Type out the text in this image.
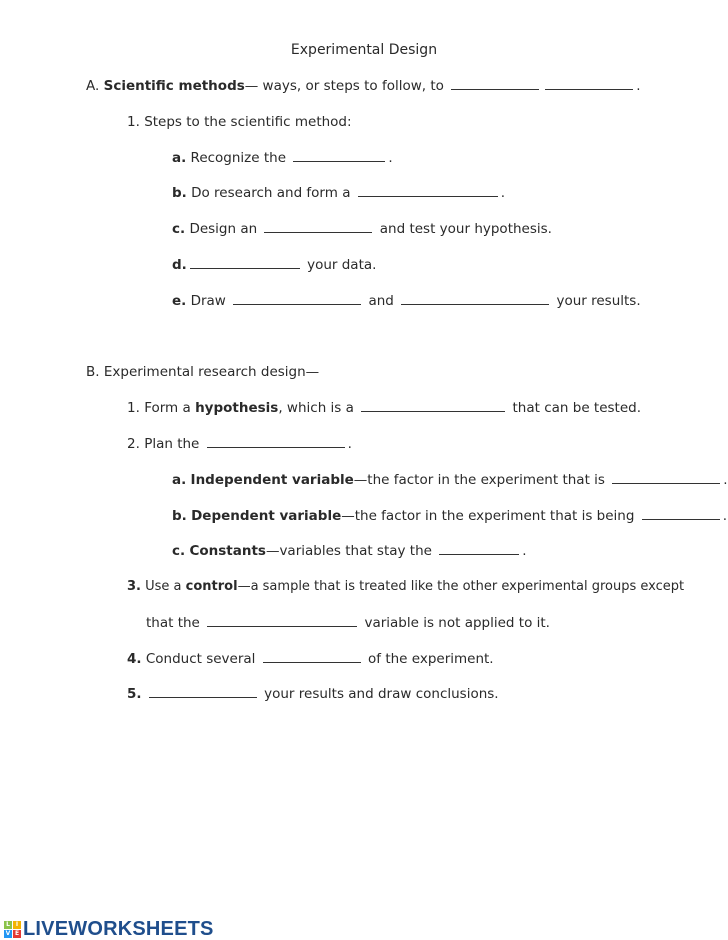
Experimental Design
A. Scientific methods— ways, or steps to follow, to	.
1. Steps to the scientific method:
a. Recognize the	.
b. Do research and form a	.
c. Design an	and test your hypothesis.
d.	your data.
e. Draw	and	your results.
B. Experimental research design—
1. Form a hypothesis, which is a	that can be tested.
2. Plan the	.
a. Independent variable—the factor in the experiment that is	.
b. Dependent variable—the factor in the experiment that is being	.
c. Constants—variables that stay the	.
3. Use a control—a sample that is treated like the other experimental groups except
that the	variable is not applied to it.
4. Conduct several	of the experiment.
5.	your results and draw conclusions.
L I
V E LIVEWORKSHEETS
